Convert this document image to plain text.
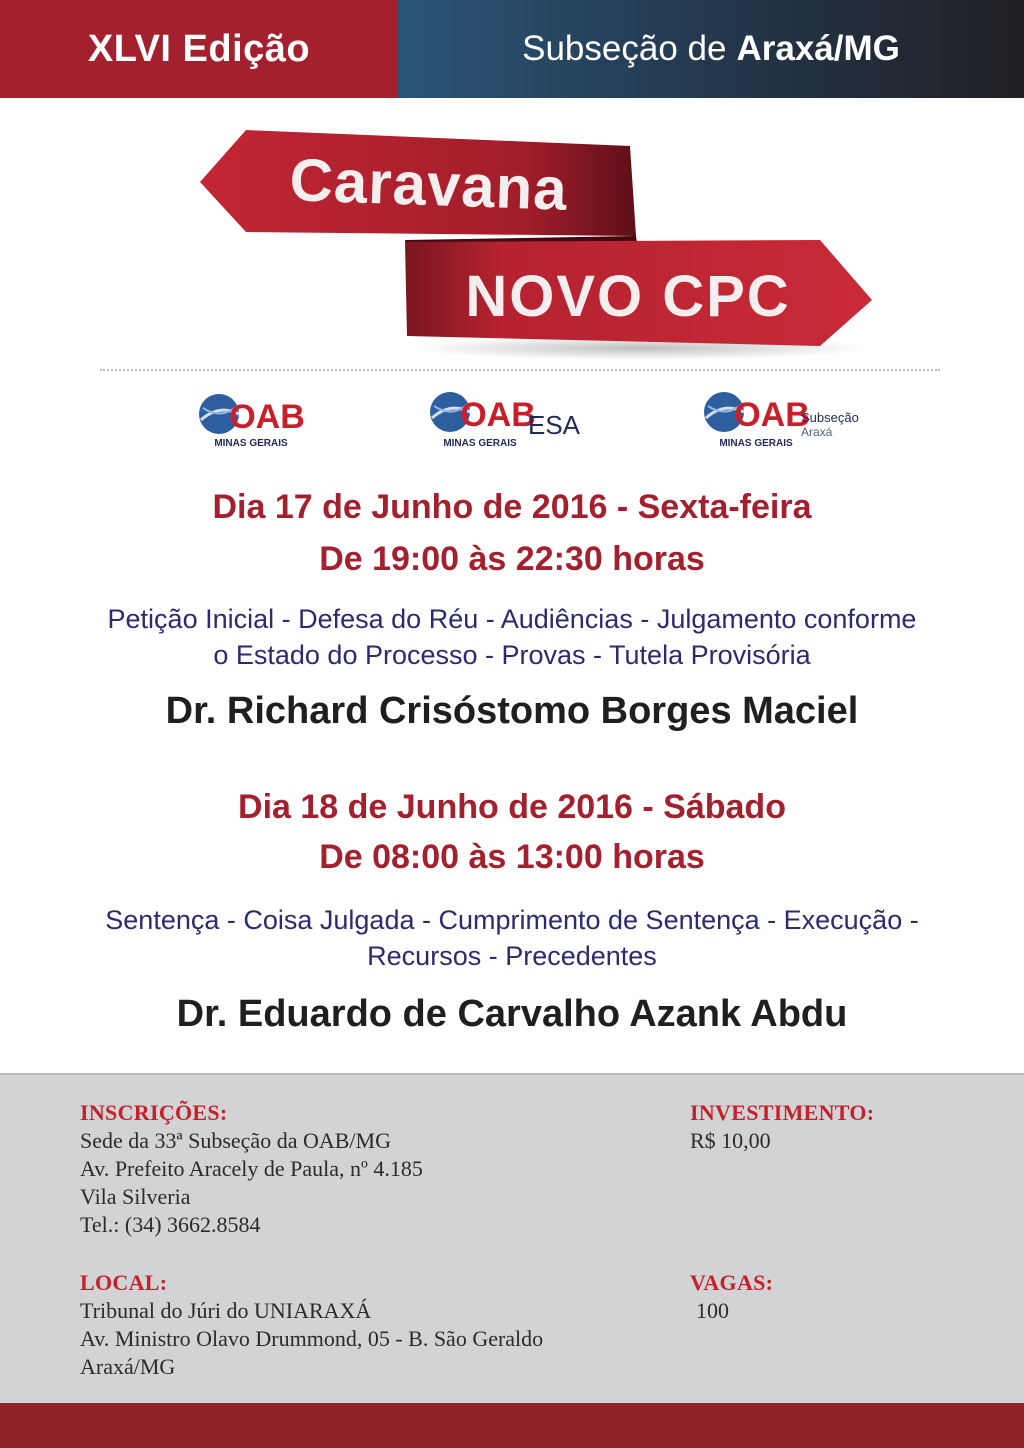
XLVI Edição	Subseção de Araxá/MG
Caravana
NOVO CPC
OAB
MINAS GERAIS
OAB
MINAS GERAIS
ESA	OAB
MINAS GERAIS
Subseção
Araxá
Dia 17 de Junho de 2016 - Sexta-feira
De 19:00 às 22:30 horas
Petição Inicial - Defesa do Réu - Audiências - Julgamento conforme
o Estado do Processo - Provas - Tutela Provisória
Dr. Richard Crisóstomo Borges Maciel
Dia 18 de Junho de 2016 - Sábado
De 08:00 às 13:00 horas
Sentença - Coisa Julgada - Cumprimento de Sentença - Execução -
Recursos - Precedentes
Dr. Eduardo de Carvalho Azank Abdu
INSCRIÇÕES:
Sede da 33ª Subseção da OAB/MG
Av. Prefeito Aracely de Paula, nº 4.185
Vila Silveria
Tel.: (34) 3662.8584
INVESTIMENTO:
R$ 10,00
LOCAL:
Tribunal do Júri do UNIARAXÁ
Av. Ministro Olavo Drummond, 05 - B. São Geraldo
Araxá/MG
VAGAS:
100
